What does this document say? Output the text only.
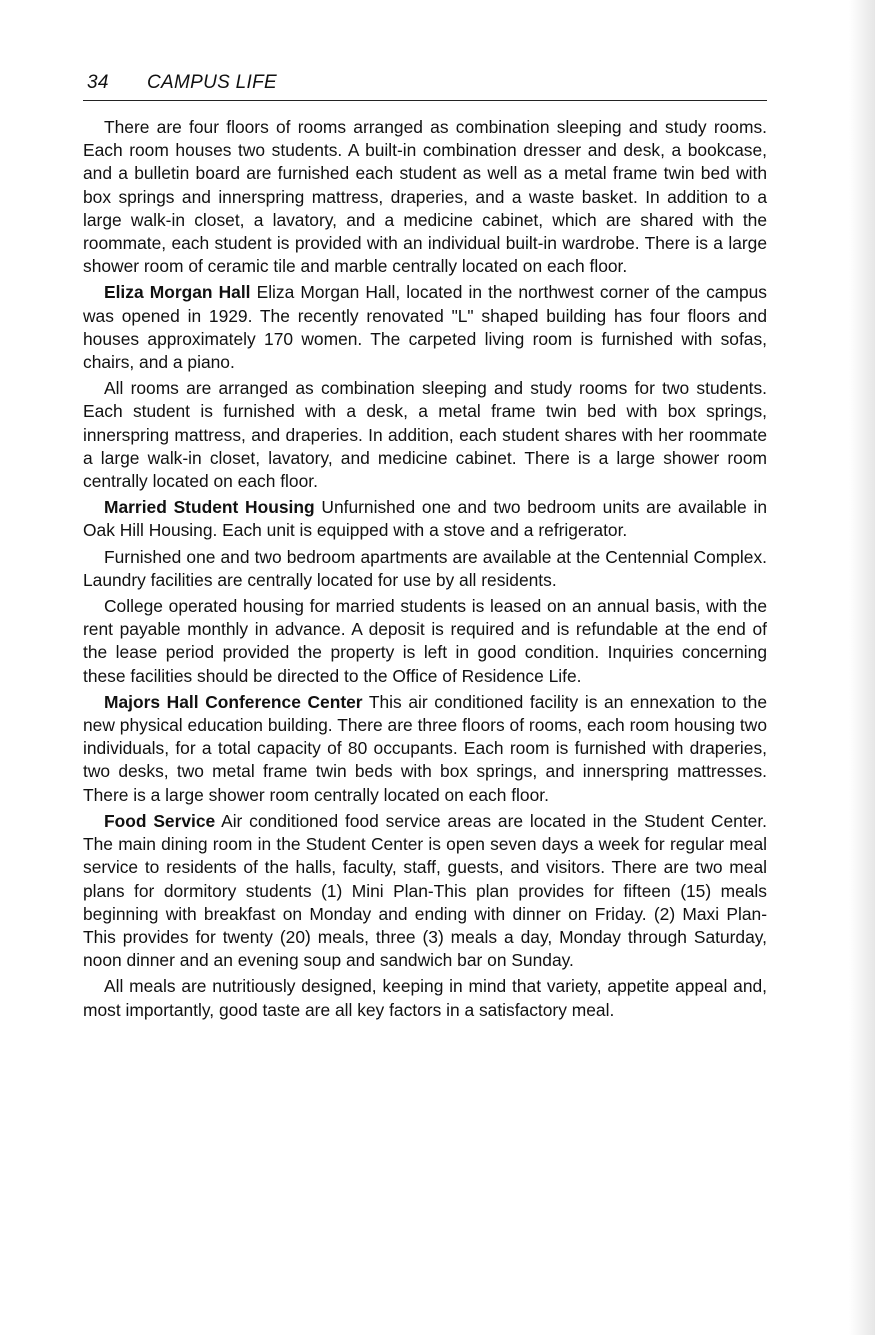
34	CAMPUS LIFE

There are four floors of rooms arranged as combination sleeping and study rooms. Each room houses two students. A built-in combination dresser and desk, a bookcase, and a bulletin board are furnished each student as well as a metal frame twin bed with box springs and innerspring mattress, draperies, and a waste basket. In addition to a large walk-in closet, a lavatory, and a medicine cabinet, which are shared with the roommate, each student is provided with an individual built-in wardrobe. There is a large shower room of ceramic tile and marble centrally located on each floor.

Eliza Morgan Hall Eliza Morgan Hall, located in the northwest corner of the campus was opened in 1929. The recently renovated "L" shaped building has four floors and houses approximately 170 women. The carpeted living room is furnished with sofas, chairs, and a piano.

All rooms are arranged as combination sleeping and study rooms for two students. Each student is furnished with a desk, a metal frame twin bed with box springs, innerspring mattress, and draperies. In addition, each student shares with her roommate a large walk-in closet, lavatory, and medicine cabinet. There is a large shower room centrally located on each floor.

Married Student Housing Unfurnished one and two bedroom units are available in Oak Hill Housing. Each unit is equipped with a stove and a refrigerator.

Furnished one and two bedroom apartments are available at the Centennial Complex. Laundry facilities are centrally located for use by all residents.

College operated housing for married students is leased on an annual basis, with the rent payable monthly in advance. A deposit is required and is refundable at the end of the lease period provided the property is left in good condition. Inquiries concerning these facilities should be directed to the Office of Residence Life.

Majors Hall Conference Center This air conditioned facility is an ennexation to the new physical education building. There are three floors of rooms, each room housing two individuals, for a total capacity of 80 occupants. Each room is furnished with draperies, two desks, two metal frame twin beds with box springs, and innerspring mattresses. There is a large shower room centrally located on each floor.

Food Service Air conditioned food service areas are located in the Student Center. The main dining room in the Student Center is open seven days a week for regular meal service to residents of the halls, faculty, staff, guests, and visitors. There are two meal plans for dormitory students (1) Mini Plan-This plan provides for fifteen (15) meals beginning with breakfast on Monday and ending with dinner on Friday. (2) Maxi Plan-This provides for twenty (20) meals, three (3) meals a day, Monday through Saturday, noon dinner and an evening soup and sandwich bar on Sunday.

All meals are nutritiously designed, keeping in mind that variety, appetite appeal and, most importantly, good taste are all key factors in a satisfactory meal.
